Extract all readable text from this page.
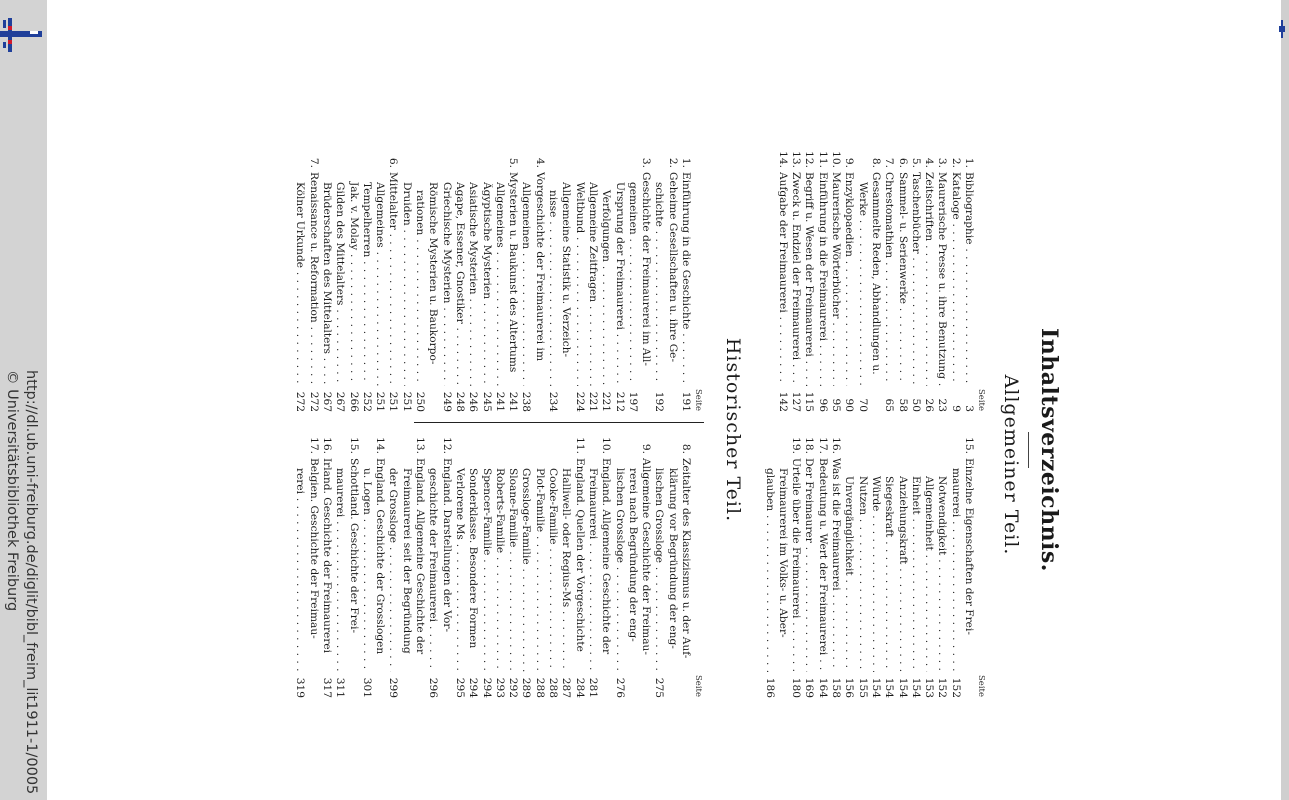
http://dl.ub.uni-freiburg.de/diglit/bibl_freim_lit1911-1/0005
© Universitätsbibliothek Freiburg	Inhaltsverzeichnis.
Allgemeiner Teil.
Historischer Teil.	Seite
1.
Bibliographie . . .
3
2.
Kataloge . . .
9
3.
Maurerische Presse u. ihre Benutzung . . .
23
4.
Zeitschriften . . .
26
5.
Taschenbücher . . .
50
6.
Sammel- u. Serienwerke . . .
58
7.
Chrestomathien . . .
65
8.
Gesammelte Reden, Abhandlungen u.
Werke . . .
70
9.
Enzyklopaedien . . .
90
10.
Maurerische Wörterbücher . . .
95
11.
Einführung in die Freimaurerei . . .
96
12.
Begriff u. Wesen der Freimaurerei . . .
115
13.
Zweck u. Endziel der Freimaurerei . . .
127
14.
Aufgabe der Freimaurerei . . .
142
Seite
15.
Einzelne Eigenschaften der Frei-
maurerei . . .
152
Notwendigkeit . . .
152
Allgemeinheit . . .
153
Einheit . . .
154
Anziehungskraft . . .
154
Siegeskraft . . .
154
Würde . . .
154
Nutzen . . .
155
Unvergänglichkeit . . .
156
16.
Was ist die Freimaurerei . . .
158
17.
Bedeutung u. Wert der Freimaurerei . . .
164
18.
Der Freimaurer . . .
169
19.
Urteile über die Freimaurerei . . .
180
Freimaurerei im Volks- u. Aber-
glauben . . .
186
Seite
1.
Einführung in die Geschichte . . .
191
2.
Geheime Gesellschaften u. ihre Ge-
schichte . . .
192
3.
Geschichte der Freimaurerei im All-
gemeinen . . .
197
Ursprung der Freimaurerei . . .
212
Verfolgungen . . .
221
Allgemeine Zeitfragen . . .
221
Weltbund . . .
224
Allgemeine Statistik u. Verzeich-
nisse . . .
234
4.
Vorgeschichte der Freimaurerei im
Allgemeinen . . .
238
5.
Mysterien u. Baukunst des Altertums
241
Allgemeines . . .
241
Ägyptische Mysterien . . .
245
Asiatische Mysterien . . .
246
Agape, Essener, Gnostiker . . .
248
Griechische Mysterien . . .
249
Römische Mysterien u. Baukorpo-
rationen . . .
250
Druiden . . .
251
6.
Mittelalter . . .
251
Allgemeines . . .
251
Tempelherren . . .
252
Jak. v. Molay . . .
266
Gilden des Mittelalters . . .
267
Brüderschaften des Mittelalters . . .
267
7.
Renaissance u. Reformation . . .
272
Kölner Urkunde . . .
272
Seite
8.
Zeitalter des Klassizismus u. der Auf-
klärung vor Begründung der eng-
lischen Grossloge . . .
275
9.
Allgemeine Geschichte der Freimau-
rerei nach Begründung der eng-
lischen Grossloge . . .
276
10.
England. Allgemeine Geschichte der
Freimaurerei . . .
281
11.
England. Quellen der Vorgeschichte
284
Halliwell- oder Regius-Ms . . .
287
Cooke-Familie . . .
288
Plot-Familie . . .
288
Grossloge-Familie . . .
289
Sloane-Familie . . .
292
Roberts-Familie . . .
293
Spencer-Familie . . .
294
Sonderklasse. Besondere Formen
294
Verlorene Ms . . .
295
12.
England. Darstellungen der Vor-
geschichte der Freimaurerei . . .
296
13.
England. Allgemeine Geschichte der
Freimaurerei seit der Begründung
der Grossloge . . .
299
14.
England. Geschichte der Grosslogen
u. Logen . . .
301
15.
Schottland. Geschichte der Frei-
maurerei . . .
311
16.
Irland. Geschichte der Freimaurerei
317
17.
Belgien. Geschichte der Freimau-
rerei . . .
319
